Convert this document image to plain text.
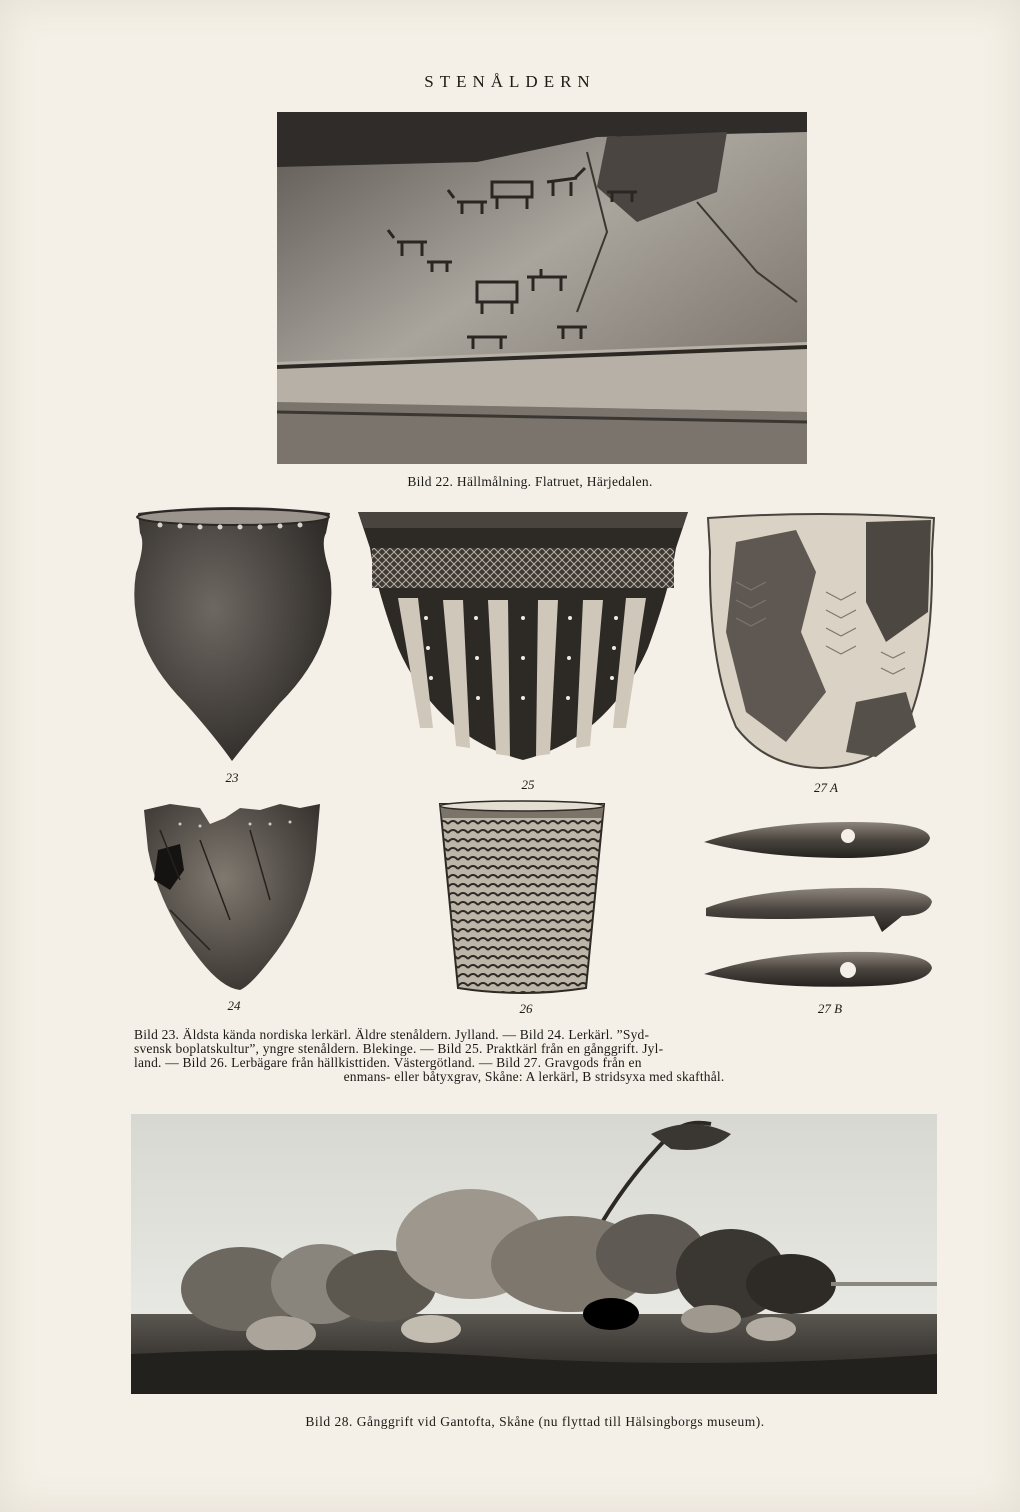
STENÅLDERN
Bild 22. Hällmålning. Flatruet, Härjedalen.
23	25	27 A
24	26	27 B
Bild 23. Äldsta kända nordiska lerkärl. Äldre stenåldern. Jylland. — Bild 24. Lerkärl. ”Syd-
svensk boplatskultur”, yngre stenåldern. Blekinge. — Bild 25. Praktkärl från en gånggrift. Jyl-
land. — Bild 26. Lerbägare från hällkisttiden. Västergötland. — Bild 27. Gravgods från en
enmans- eller båtyxgrav, Skåne: A lerkärl, B stridsyxa med skafthål.
Bild 28. Gånggrift vid Gantofta, Skåne (nu flyttad till Hälsingborgs museum).
